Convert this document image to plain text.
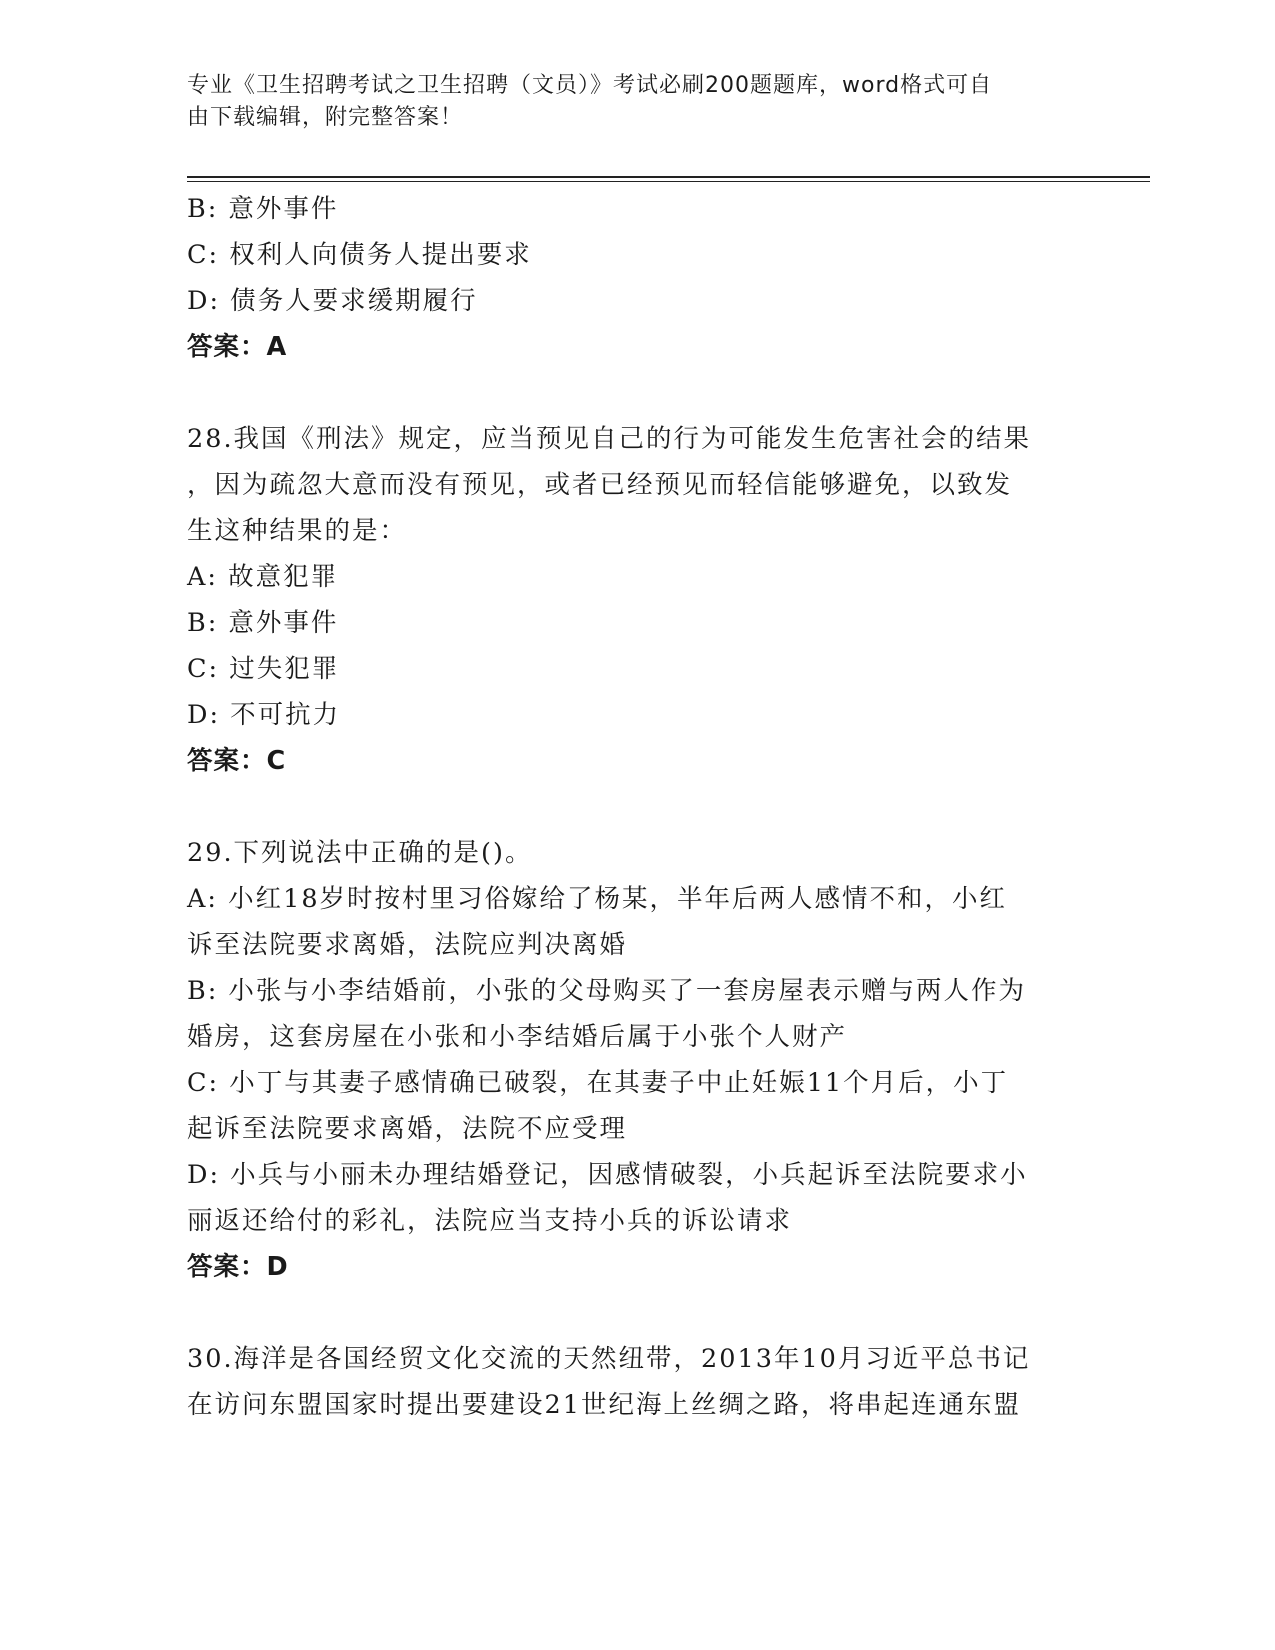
专业《卫生招聘考试之卫生招聘（文员）》考试必刷200题题库，word格式可自
由下载编辑，附完整答案！
B: 意外事件
C: 权利人向债务人提出要求
D: 债务人要求缓期履行
答案：A
28.我国《刑法》规定，应当预见自己的行为可能发生危害社会的结果
，因为疏忽大意而没有预见，或者已经预见而轻信能够避免，以致发
生这种结果的是：
A: 故意犯罪
B: 意外事件
C: 过失犯罪
D: 不可抗力
答案：C
29.下列说法中正确的是()。
A: 小红18岁时按村里习俗嫁给了杨某，半年后两人感情不和，小红
诉至法院要求离婚，法院应判决离婚
B: 小张与小李结婚前，小张的父母购买了一套房屋表示赠与两人作为
婚房，这套房屋在小张和小李结婚后属于小张个人财产
C: 小丁与其妻子感情确已破裂，在其妻子中止妊娠11个月后，小丁
起诉至法院要求离婚，法院不应受理
D: 小兵与小丽未办理结婚登记，因感情破裂，小兵起诉至法院要求小
丽返还给付的彩礼，法院应当支持小兵的诉讼请求
答案：D
30.海洋是各国经贸文化交流的天然纽带，2013年10月习近平总书记
在访问东盟国家时提出要建设21世纪海上丝绸之路，将串起连通东盟
